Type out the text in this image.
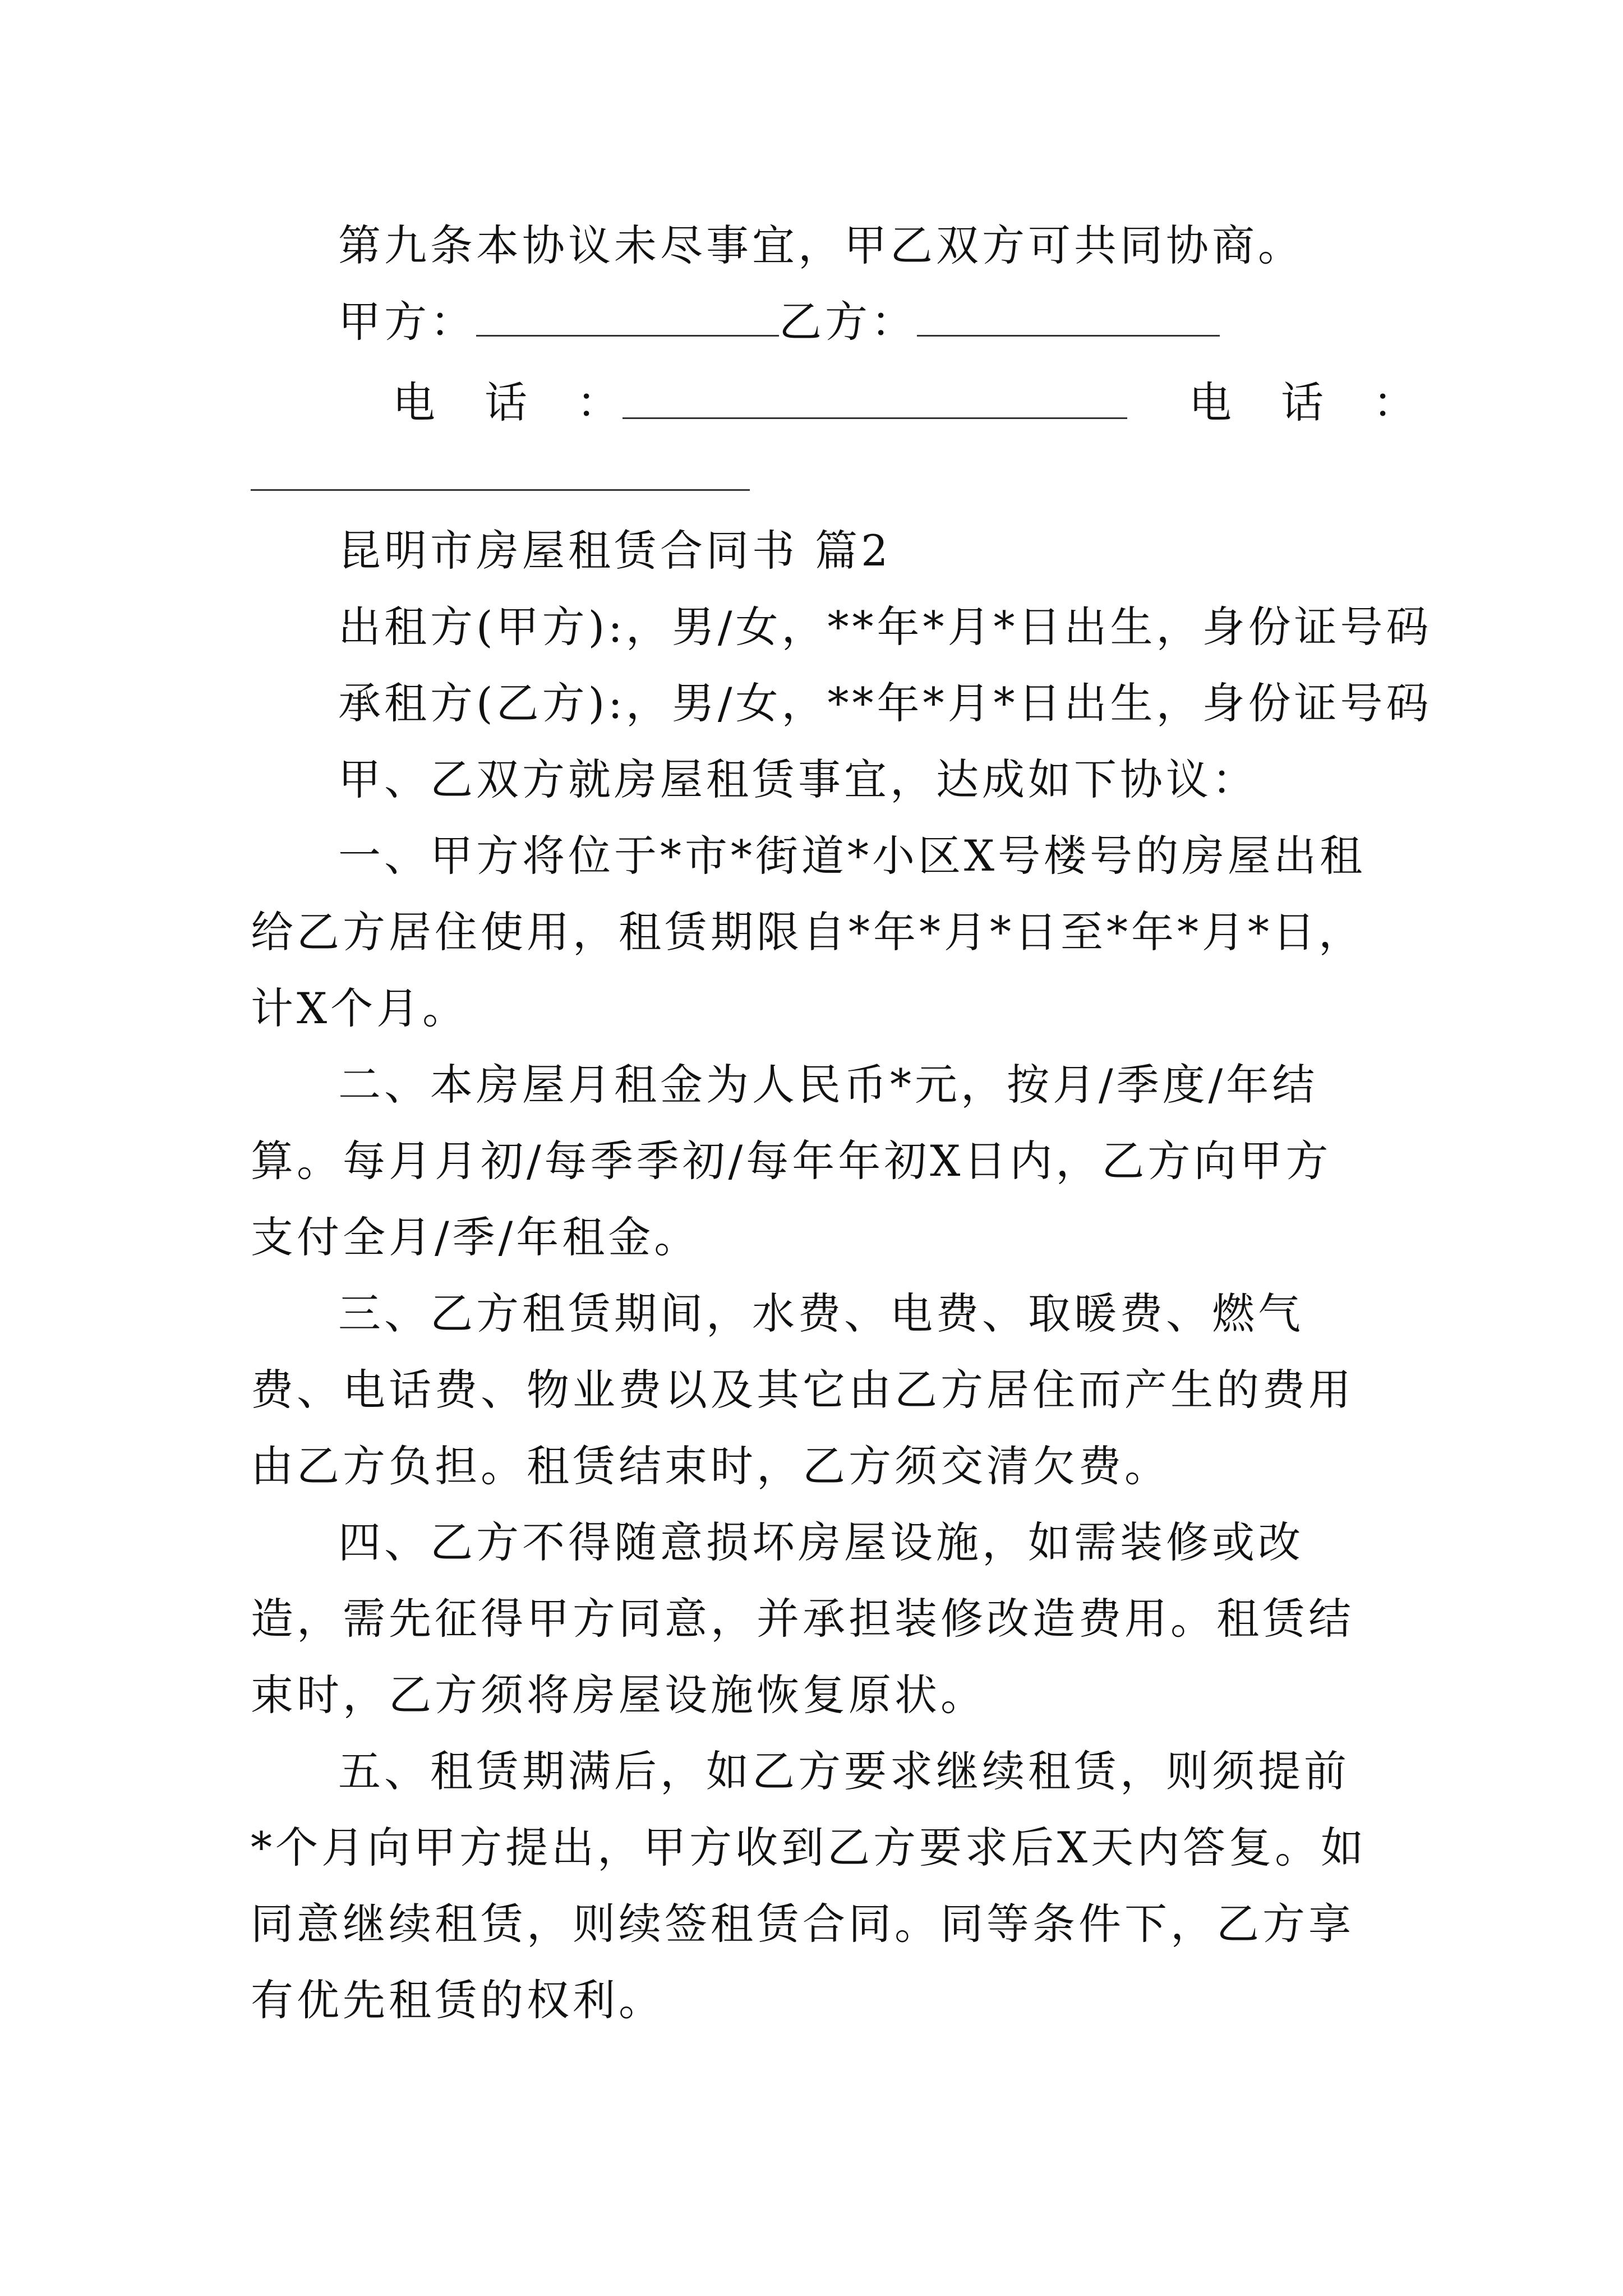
第九条本协议未尽事宜，甲乙双方可共同协商。

甲方：	乙方：

电　话　：	电　话　：

昆明市房屋租赁合同书 篇2

出租方(甲方):，男/女，**年*月*日出生，身份证号码

承租方(乙方):，男/女，**年*月*日出生，身份证号码

甲、乙双方就房屋租赁事宜，达成如下协议：

一、甲方将位于*市*街道*小区X号楼号的房屋出租给乙方居住使用，租赁期限自*年*月*日至*年*月*日，计X个月。

二、本房屋月租金为人民币*元，按月/季度/年结算。每月月初/每季季初/每年年初X日内，乙方向甲方支付全月/季/年租金。

三、乙方租赁期间，水费、电费、取暖费、燃气费、电话费、物业费以及其它由乙方居住而产生的费用由乙方负担。租赁结束时，乙方须交清欠费。

四、乙方不得随意损坏房屋设施，如需装修或改造，需先征得甲方同意，并承担装修改造费用。租赁结束时，乙方须将房屋设施恢复原状。

五、租赁期满后，如乙方要求继续租赁，则须提前*个月向甲方提出，甲方收到乙方要求后X天内答复。如同意继续租赁，则续签租赁合同。同等条件下，乙方享有优先租赁的权利。
